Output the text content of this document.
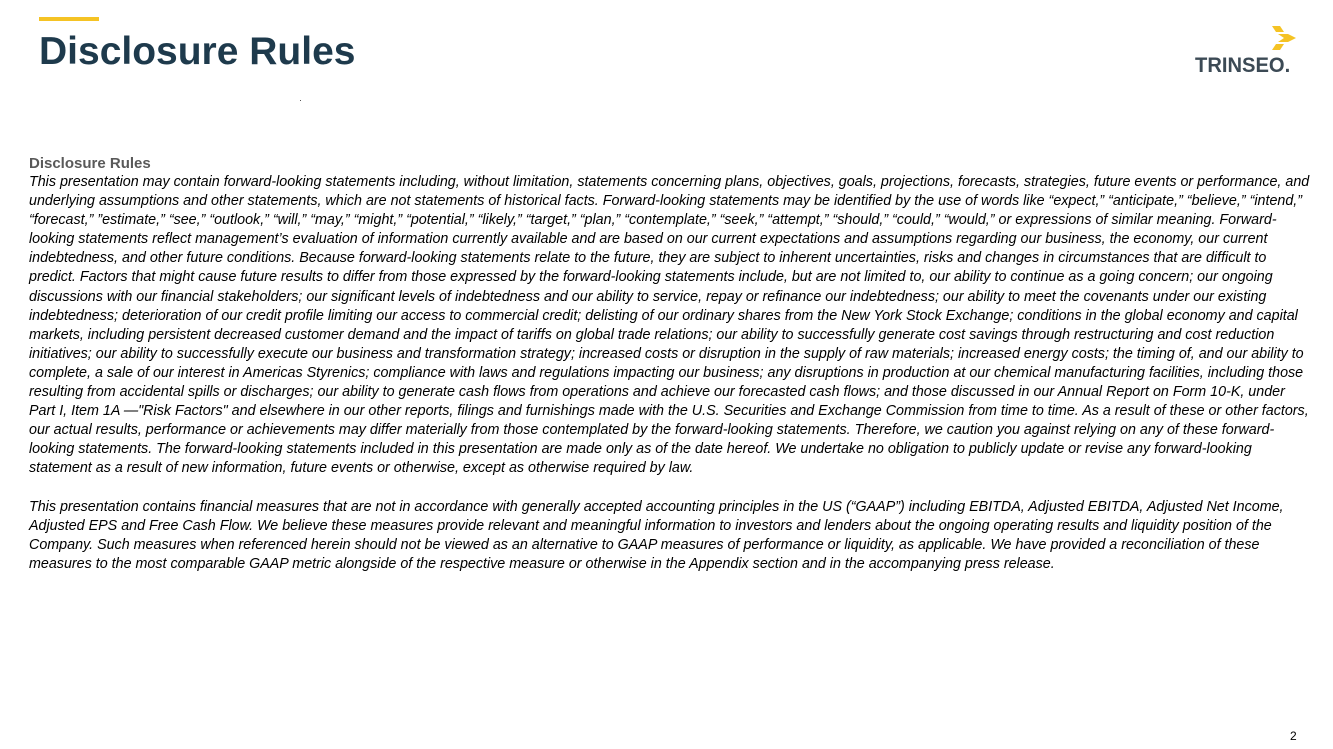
Disclosure Rules	TRINSEO.
Disclosure Rules

This presentation may contain forward-looking statements including, without limitation, statements concerning plans, objectives, goals, projections, forecasts, strategies, future events or performance, and underlying assumptions and other statements, which are not statements of historical facts. Forward-looking statements may be identified by the use of words like “expect,” “anticipate,” “believe,” “intend,” “forecast,” ”estimate,” “see,” “outlook,” “will,” “may,” “might,” “potential,” “likely,” “target,” “plan,” “contemplate,” “seek,” “attempt,” “should,” “could,” “would,” or expressions of similar meaning. Forward-looking statements reflect management’s evaluation of information currently available and are based on our current expectations and assumptions regarding our business, the economy, our current indebtedness, and other future conditions. Because forward-looking statements relate to the future, they are subject to inherent uncertainties, risks and changes in circumstances that are difficult to predict. Factors that might cause future results to differ from those expressed by the forward-looking statements include, but are not limited to, our ability to continue as a going concern; our ongoing discussions with our financial stakeholders; our significant levels of indebtedness and our ability to service, repay or refinance our indebtedness; our ability to meet the covenants under our existing indebtedness; deterioration of our credit profile limiting our access to commercial credit; delisting of our ordinary shares from the New York Stock Exchange; conditions in the global economy and capital markets, including persistent decreased customer demand and the impact of tariffs on global trade relations; our ability to successfully generate cost savings through restructuring and cost reduction initiatives; our ability to successfully execute our business and transformation strategy; increased costs or disruption in the supply of raw materials; increased energy costs; the timing of, and our ability to complete, a sale of our interest in Americas Styrenics; compliance with laws and regulations impacting our business; any disruptions in production at our chemical manufacturing facilities, including those resulting from accidental spills or discharges; our ability to generate cash flows from operations and achieve our forecasted cash flows; and those discussed in our Annual Report on Form 10-K, under Part I, Item 1A —"Risk Factors" and elsewhere in our other reports, filings and furnishings made with the U.S. Securities and Exchange Commission from time to time. As a result of these or other factors, our actual results, performance or achievements may differ materially from those contemplated by the forward-looking statements. Therefore, we caution you against relying on any of these forward-looking statements. The forward-looking statements included in this presentation are made only as of the date hereof. We undertake no obligation to publicly update or revise any forward-looking statement as a result of new information, future events or otherwise, except as otherwise required by law.

This presentation contains financial measures that are not in accordance with generally accepted accounting principles in the US (“GAAP”) including EBITDA, Adjusted EBITDA, Adjusted Net Income, Adjusted EPS and Free Cash Flow. We believe these measures provide relevant and meaningful information to investors and lenders about the ongoing operating results and liquidity position of the Company. Such measures when referenced herein should not be viewed as an alternative to GAAP measures of performance or liquidity, as applicable. We have provided a reconciliation of these measures to the most comparable GAAP metric alongside of the respective measure or otherwise in the Appendix section and in the accompanying press release.

2
